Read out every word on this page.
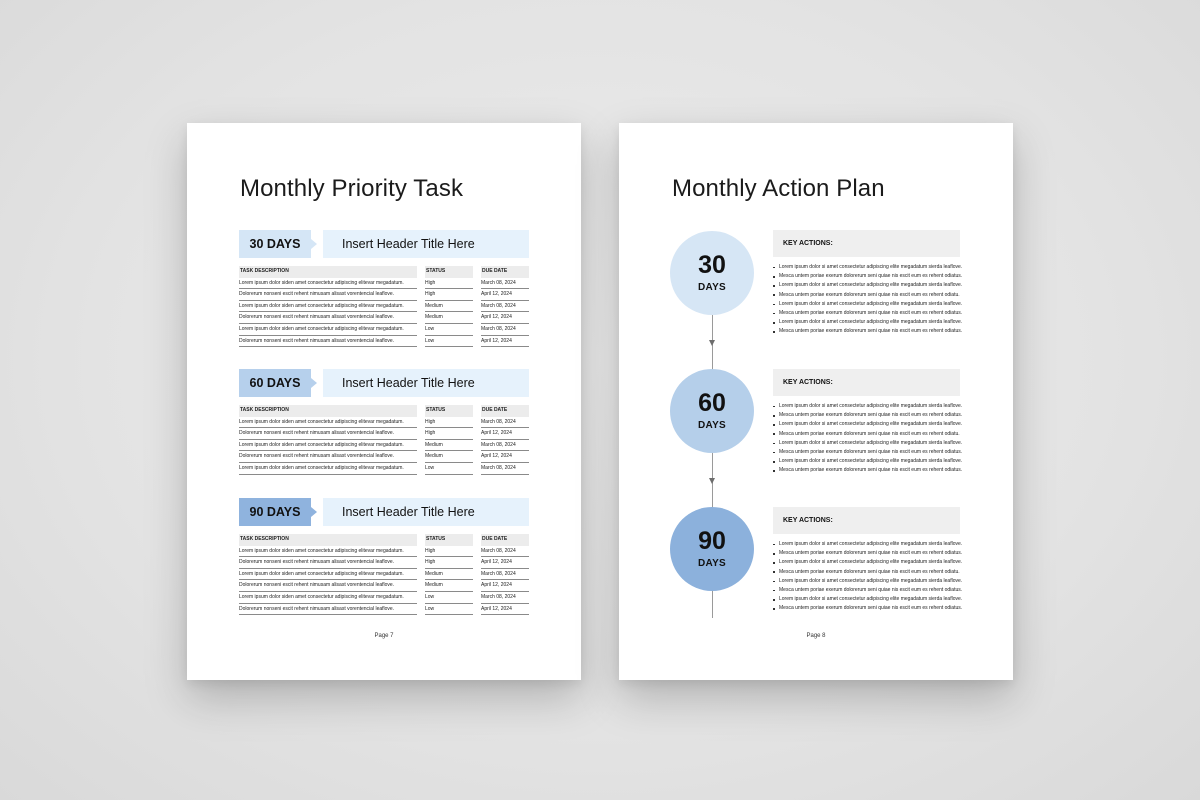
Monthly Priority Task
30 DAYS	Insert Header Title Here
TASK DESCRIPTION	STATUS	DUE DATE
Lorem ipsum dolor siden amet consectetur adipiscing elitevar megadatum.	High	March 08, 2024
Dolorerum nonseni escit rehent nimusam alisast vorentencial leaflove.	High	April 12, 2024
Lorem ipsum dolor siden amet consectetur adipiscing elitevar megadatum.	Medium	March 08, 2024
Dolorerum nonseni escit rehent nimusam alisast vorentencial leaflove.	Medium	April 12, 2024
Lorem ipsum dolor siden amet consectetur adipiscing elitevar megadatum.	Low	March 08, 2024
Dolorerum nonseni escit rehent nimusam alisast vorentencial leaflove.	Low	April 12, 2024
60 DAYS	Insert Header Title Here
TASK DESCRIPTION	STATUS	DUE DATE
Lorem ipsum dolor siden amet consectetur adipiscing elitevar megadatum.	High	March 08, 2024
Dolorerum nonseni escit rehent nimusam alisast vorentencial leaflove.	High	April 12, 2024
Lorem ipsum dolor siden amet consectetur adipiscing elitevar megadatum.	Medium	March 08, 2024
Dolorerum nonseni escit rehent nimusam alisast vorentencial leaflove.	Medium	April 12, 2024
Lorem ipsum dolor siden amet consectetur adipiscing elitevar megadatum.	Low	March 08, 2024
90 DAYS	Insert Header Title Here
TASK DESCRIPTION	STATUS	DUE DATE
Lorem ipsum dolor siden amet consectetur adipiscing elitevar megadatum.	High	March 08, 2024
Dolorerum nonseni escit rehent nimusam alisast vorentencial leaflove.	High	April 12, 2024
Lorem ipsum dolor siden amet consectetur adipiscing elitevar megadatum.	Medium	March 08, 2024
Dolorerum nonseni escit rehent nimusam alisast vorentencial leaflove.	Medium	April 12, 2024
Lorem ipsum dolor siden amet consectetur adipiscing elitevar megadatum.	Low	March 08, 2024
Dolorerum nonseni escit rehent nimusam alisast vorentencial leaflove.	Low	April 12, 2024
Page 7
Monthly Action Plan
30
DAYS
60
DAYS
90
DAYS
KEY ACTIONS:
Lorem ipsum dolor si amet consectetur adipiscing elite megadatum sierda leaflove.
Mesca untem poriae exerum dolorerum seni quiae nis escit eum es rehent odiatus.
Lorem ipsum dolor si amet consectetur adipiscing elite megadatum sierda leaflove.
Mesca untem poriae exerum dolorerum seni quiae nis escit eum es rehent odiatu.
Lorem ipsum dolor si amet consectetur adipiscing elite megadatum sierda leaflove.
Mesca untem poriae exerum dolorerum seni quiae nis escit eum es rehent odiatus.
Lorem ipsum dolor si amet consectetur adipiscing elite megadatum sierda leaflove.
Mesca untem poriae exerum dolorerum seni quiae nis escit eum es rehent odiatus.
KEY ACTIONS:
Lorem ipsum dolor si amet consectetur adipiscing elite megadatum sierda leaflove.
Mesca untem poriae exerum dolorerum seni quiae nis escit eum es rehent odiatus.
Lorem ipsum dolor si amet consectetur adipiscing elite megadatum sierda leaflove.
Mesca untem poriae exerum dolorerum seni quiae nis escit eum es rehent odiatu.
Lorem ipsum dolor si amet consectetur adipiscing elite megadatum sierda leaflove.
Mesca untem poriae exerum dolorerum seni quiae nis escit eum es rehent odiatus.
Lorem ipsum dolor si amet consectetur adipiscing elite megadatum sierda leaflove.
Mesca untem poriae exerum dolorerum seni quiae nis escit eum es rehent odiatus.
KEY ACTIONS:
Lorem ipsum dolor si amet consectetur adipiscing elite megadatum sierda leaflove.
Mesca untem poriae exerum dolorerum seni quiae nis escit eum es rehent odiatus.
Lorem ipsum dolor si amet consectetur adipiscing elite megadatum sierda leaflove.
Mesca untem poriae exerum dolorerum seni quiae nis escit eum es rehent odiatu.
Lorem ipsum dolor si amet consectetur adipiscing elite megadatum sierda leaflove.
Mesca untem poriae exerum dolorerum seni quiae nis escit eum es rehent odiatus.
Lorem ipsum dolor si amet consectetur adipiscing elite megadatum sierda leaflove.
Mesca untem poriae exerum dolorerum seni quiae nis escit eum es rehent odiatus.
Page 8
